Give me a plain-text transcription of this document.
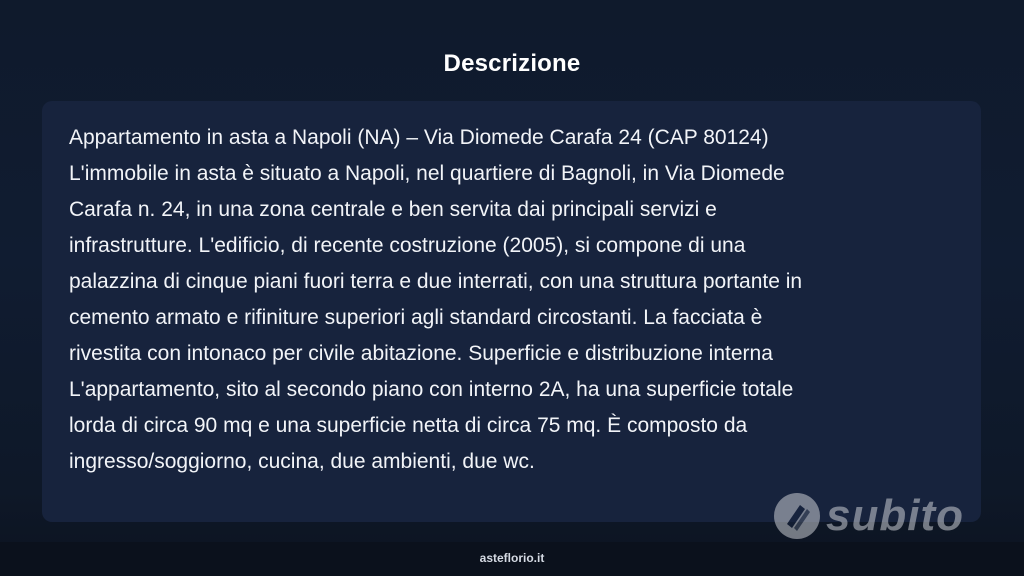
Descrizione
Appartamento in asta a Napoli (NA) – Via Diomede Carafa 24 (CAP 80124)
L'immobile in asta è situato a Napoli, nel quartiere di Bagnoli, in Via Diomede
Carafa n. 24, in una zona centrale e ben servita dai principali servizi e
infrastrutture. L'edificio, di recente costruzione (2005), si compone di una
palazzina di cinque piani fuori terra e due interrati, con una struttura portante in
cemento armato e rifiniture superiori agli standard circostanti. La facciata è
rivestita con intonaco per civile abitazione. Superficie e distribuzione interna
L'appartamento, sito al secondo piano con interno 2A, ha una superficie totale
lorda di circa 90 mq e una superficie netta di circa 75 mq. È composto da
ingresso/soggiorno, cucina, due ambienti, due wc.
subito
asteflorio.it
